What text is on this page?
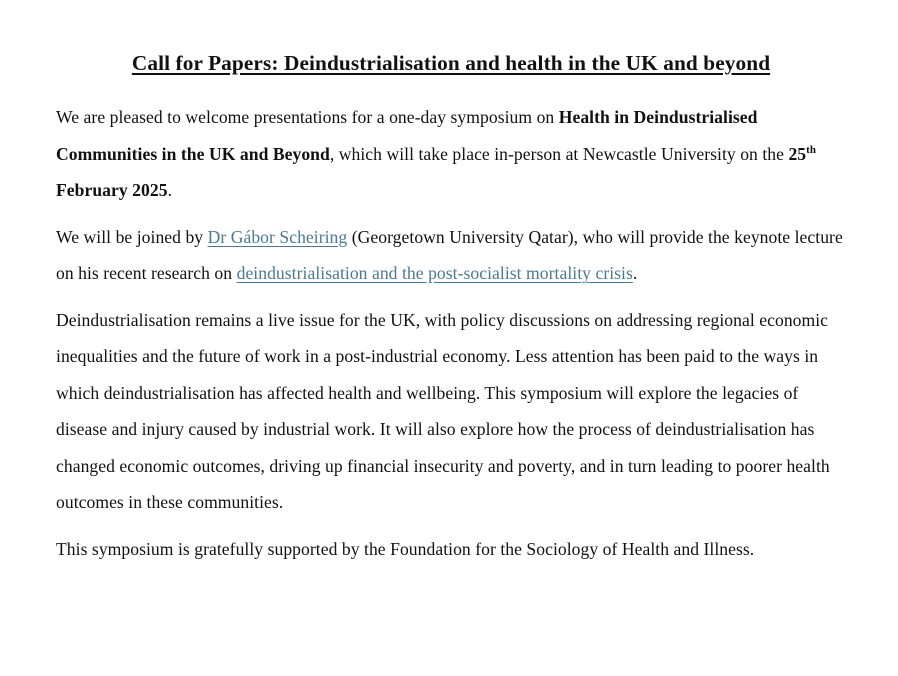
Call for Papers: Deindustrialisation and health in the UK and beyond

We are pleased to welcome presentations for a one-day symposium on Health in Deindustrialised Communities in the UK and Beyond, which will take place in-person at Newcastle University on the 25th February 2025.

We will be joined by Dr Gábor Scheiring (Georgetown University Qatar), who will provide the keynote lecture on his recent research on deindustrialisation and the post-socialist mortality crisis.

Deindustrialisation remains a live issue for the UK, with policy discussions on addressing regional economic inequalities and the future of work in a post-industrial economy. Less attention has been paid to the ways in which deindustrialisation has affected health and wellbeing. This symposium will explore the legacies of disease and injury caused by industrial work. It will also explore how the process of deindustrialisation has changed economic outcomes, driving up financial insecurity and poverty, and in turn leading to poorer health outcomes in these communities.

This symposium is gratefully supported by the Foundation for the Sociology of Health and Illness.
